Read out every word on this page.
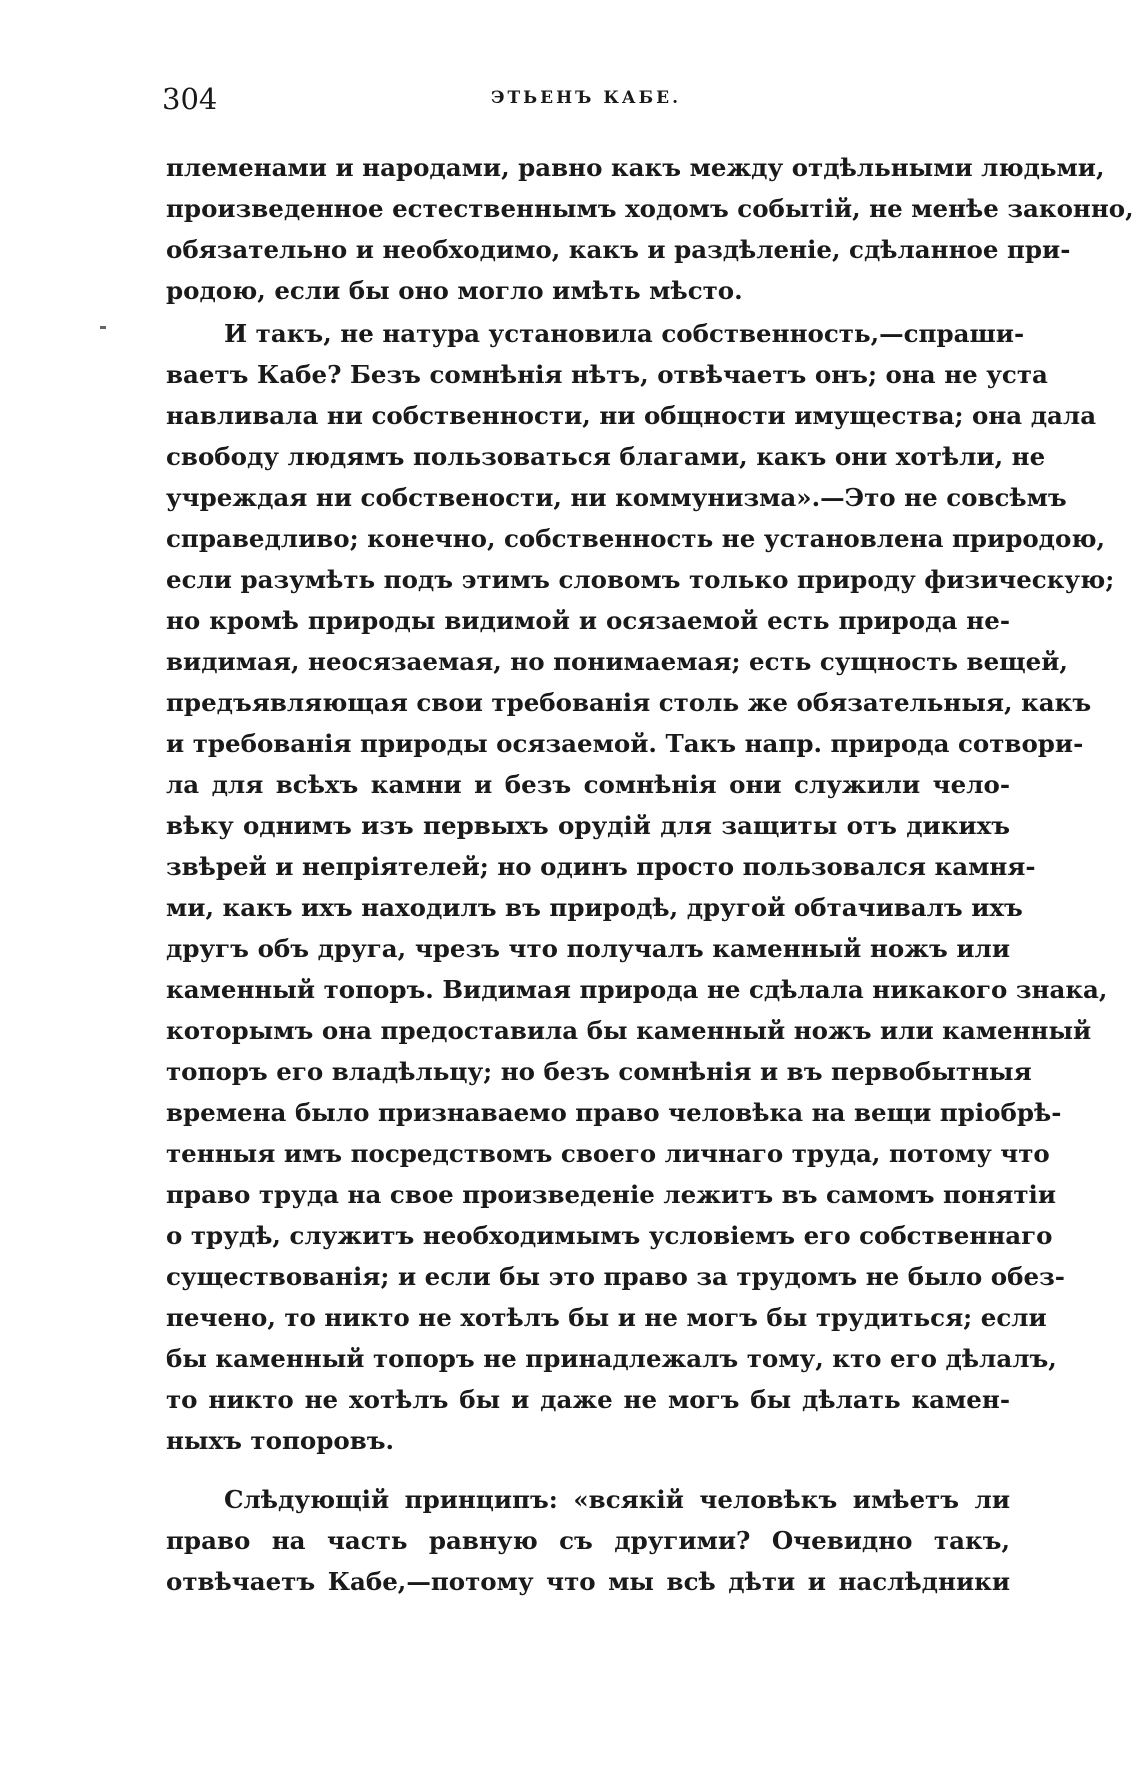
304	ЭТЬЕНЪ КАБЕ.
племенами и народами, равно какъ между отдѣльными людьми,
произведенное естественнымъ ходомъ событій, не менѣе законно,
обязательно и необходимо, какъ и раздѣленіе, сдѣланное при-
родою, если бы оно могло имѣть мѣсто.
И такъ, не натура установила собственность,—спраши-
ваетъ Кабе? Безъ сомнѣнія нѣтъ, отвѣчаетъ онъ; она не уста
навливала ни собственности, ни общности имущества; она дала
свободу людямъ пользоваться благами, какъ они хотѣли, не
учреждая ни собствености, ни коммунизма».—Это не совсѣмъ
справедливо; конечно, собственность не установлена природою,
если разумѣть подъ этимъ словомъ только природу физическую;
но кромѣ природы видимой и осязаемой есть природа не-
видимая, неосязаемая, но понимаемая; есть сущность вещей,
предъявляющая свои требованія столь же обязательныя, какъ
и требованія природы осязаемой. Такъ напр. природа сотвори-
ла для всѣхъ камни и безъ сомнѣнія они служили чело-
вѣку однимъ изъ первыхъ орудій для защиты отъ дикихъ
звѣрей и непріятелей; но одинъ просто пользовался камня-
ми, какъ ихъ находилъ въ природѣ, другой обтачивалъ ихъ
другъ объ друга, чрезъ что получалъ каменный ножъ или
каменный топоръ. Видимая природа не сдѣлала никакого знака,
которымъ она предоставила бы каменный ножъ или каменный
топоръ его владѣльцу; но безъ сомнѣнія и въ первобытныя
времена было признаваемо право человѣка на вещи пріобрѣ-
тенныя имъ посредствомъ своего личнаго труда, потому что
право труда на свое произведеніе лежитъ въ самомъ понятіи
о трудѣ, служитъ необходимымъ условіемъ его собственнаго
существованія; и если бы это право за трудомъ не было обез-
печено, то никто не хотѣлъ бы и не могъ бы трудиться; если
бы каменный топоръ не принадлежалъ тому, кто его дѣлалъ,
то никто не хотѣлъ бы и даже не могъ бы дѣлать камен-
ныхъ топоровъ.
Слѣдующій принципъ: «всякій человѣкъ имѣетъ ли
право на часть равную съ другими? Очевидно такъ,
отвѣчаетъ Кабе,—потому что мы всѣ дѣти и наслѣдники
